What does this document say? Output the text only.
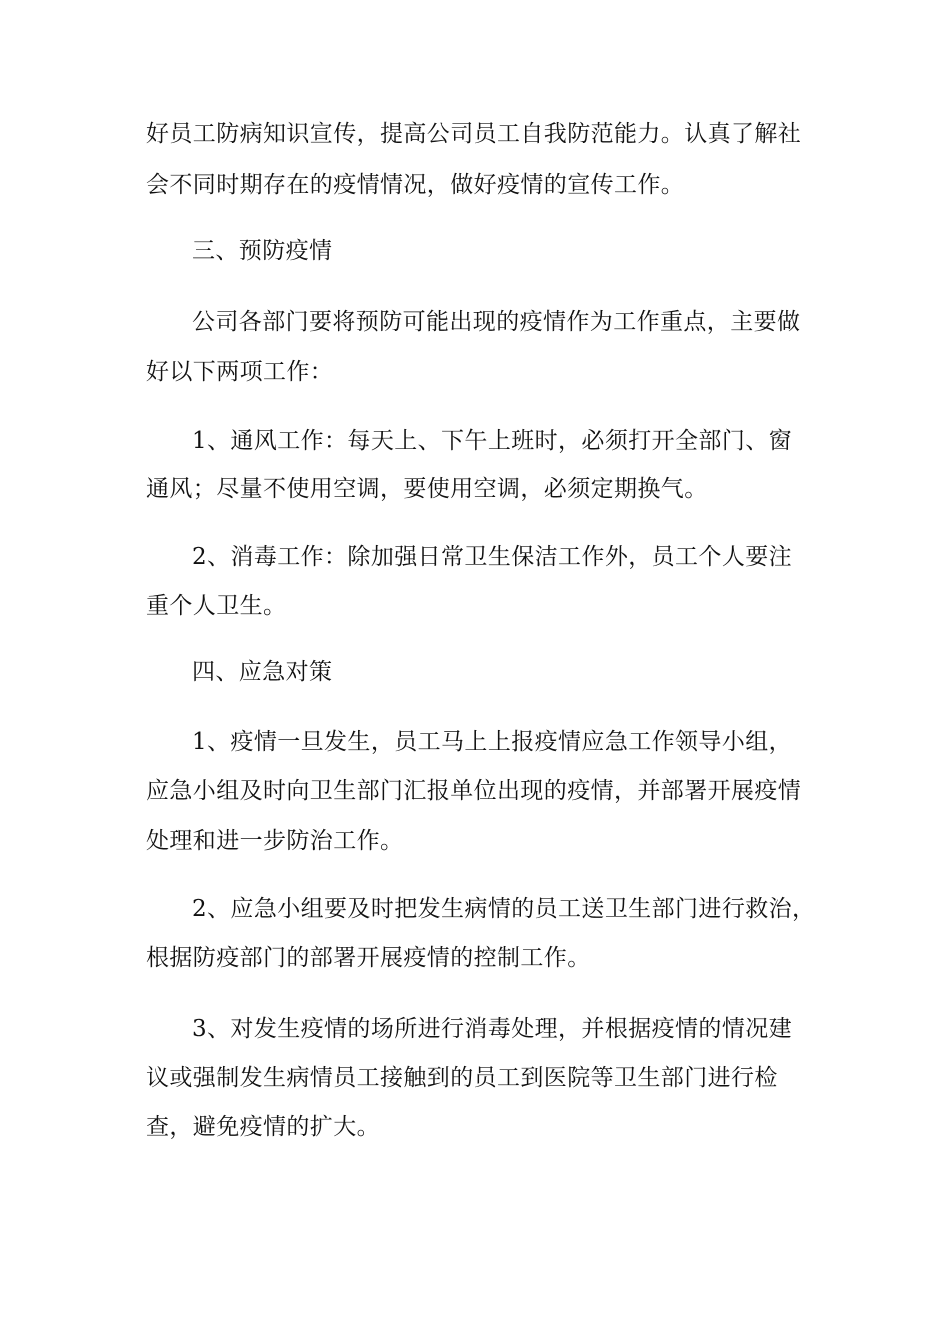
好员工防病知识宣传，提高公司员工自我防范能力。认真了解社
会不同时期存在的疫情情况，做好疫情的宣传工作。
三、预防疫情
公司各部门要将预防可能出现的疫情作为工作重点，主要做
好以下两项工作：
1、通风工作：每天上、下午上班时，必须打开全部门、窗
通风；尽量不使用空调，要使用空调，必须定期换气。
2、消毒工作：除加强日常卫生保洁工作外，员工个人要注
重个人卫生。
四、应急对策
1、疫情一旦发生，员工马上上报疫情应急工作领导小组，
应急小组及时向卫生部门汇报单位出现的疫情，并部署开展疫情
处理和进一步防治工作。
2、应急小组要及时把发生病情的员工送卫生部门进行救治，
根据防疫部门的部署开展疫情的控制工作。
3、对发生疫情的场所进行消毒处理，并根据疫情的情况建
议或强制发生病情员工接触到的员工到医院等卫生部门进行检
查，避免疫情的扩大。
